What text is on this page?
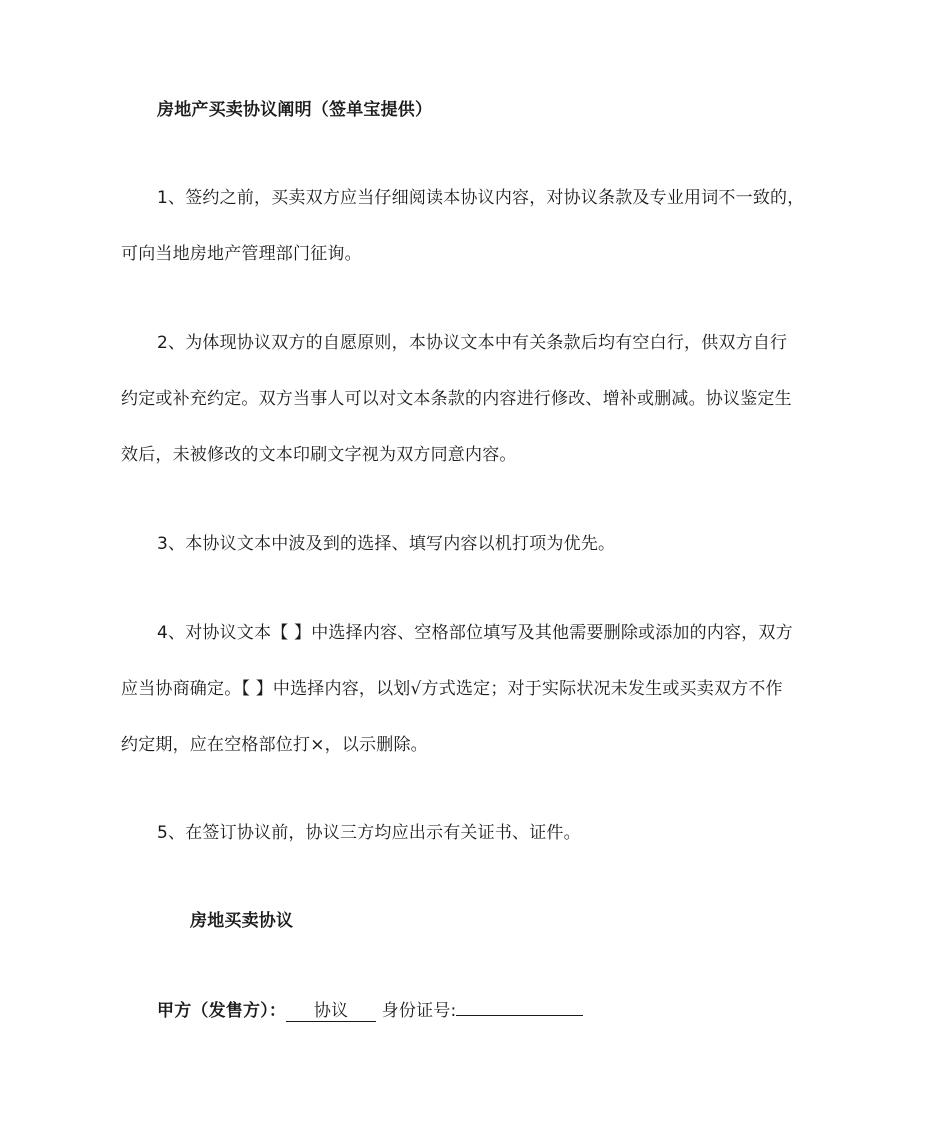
房地产买卖协议阐明（签单宝提供）
1、签约之前，买卖双方应当仔细阅读本协议内容，对协议条款及专业用词不一致的，
可向当地房地产管理部门征询。
2、为体现协议双方的自愿原则，本协议文本中有关条款后均有空白行，供双方自行
约定或补充约定。双方当事人可以对文本条款的内容进行修改、增补或删减。协议鉴定生
效后，未被修改的文本印刷文字视为双方同意内容。
3、本协议文本中波及到的选择、填写内容以机打项为优先。
4、对协议文本【 】中选择内容、空格部位填写及其他需要删除或添加的内容，双方
应当协商确定。【 】中选择内容，以划√方式选定；对于实际状况未发生或买卖双方不作
约定期，应在空格部位打×，以示删除。
5、在签订协议前，协议三方均应出示有关证书、证件。
房地买卖协议
甲方（发售方）： 协议 身份证号:
